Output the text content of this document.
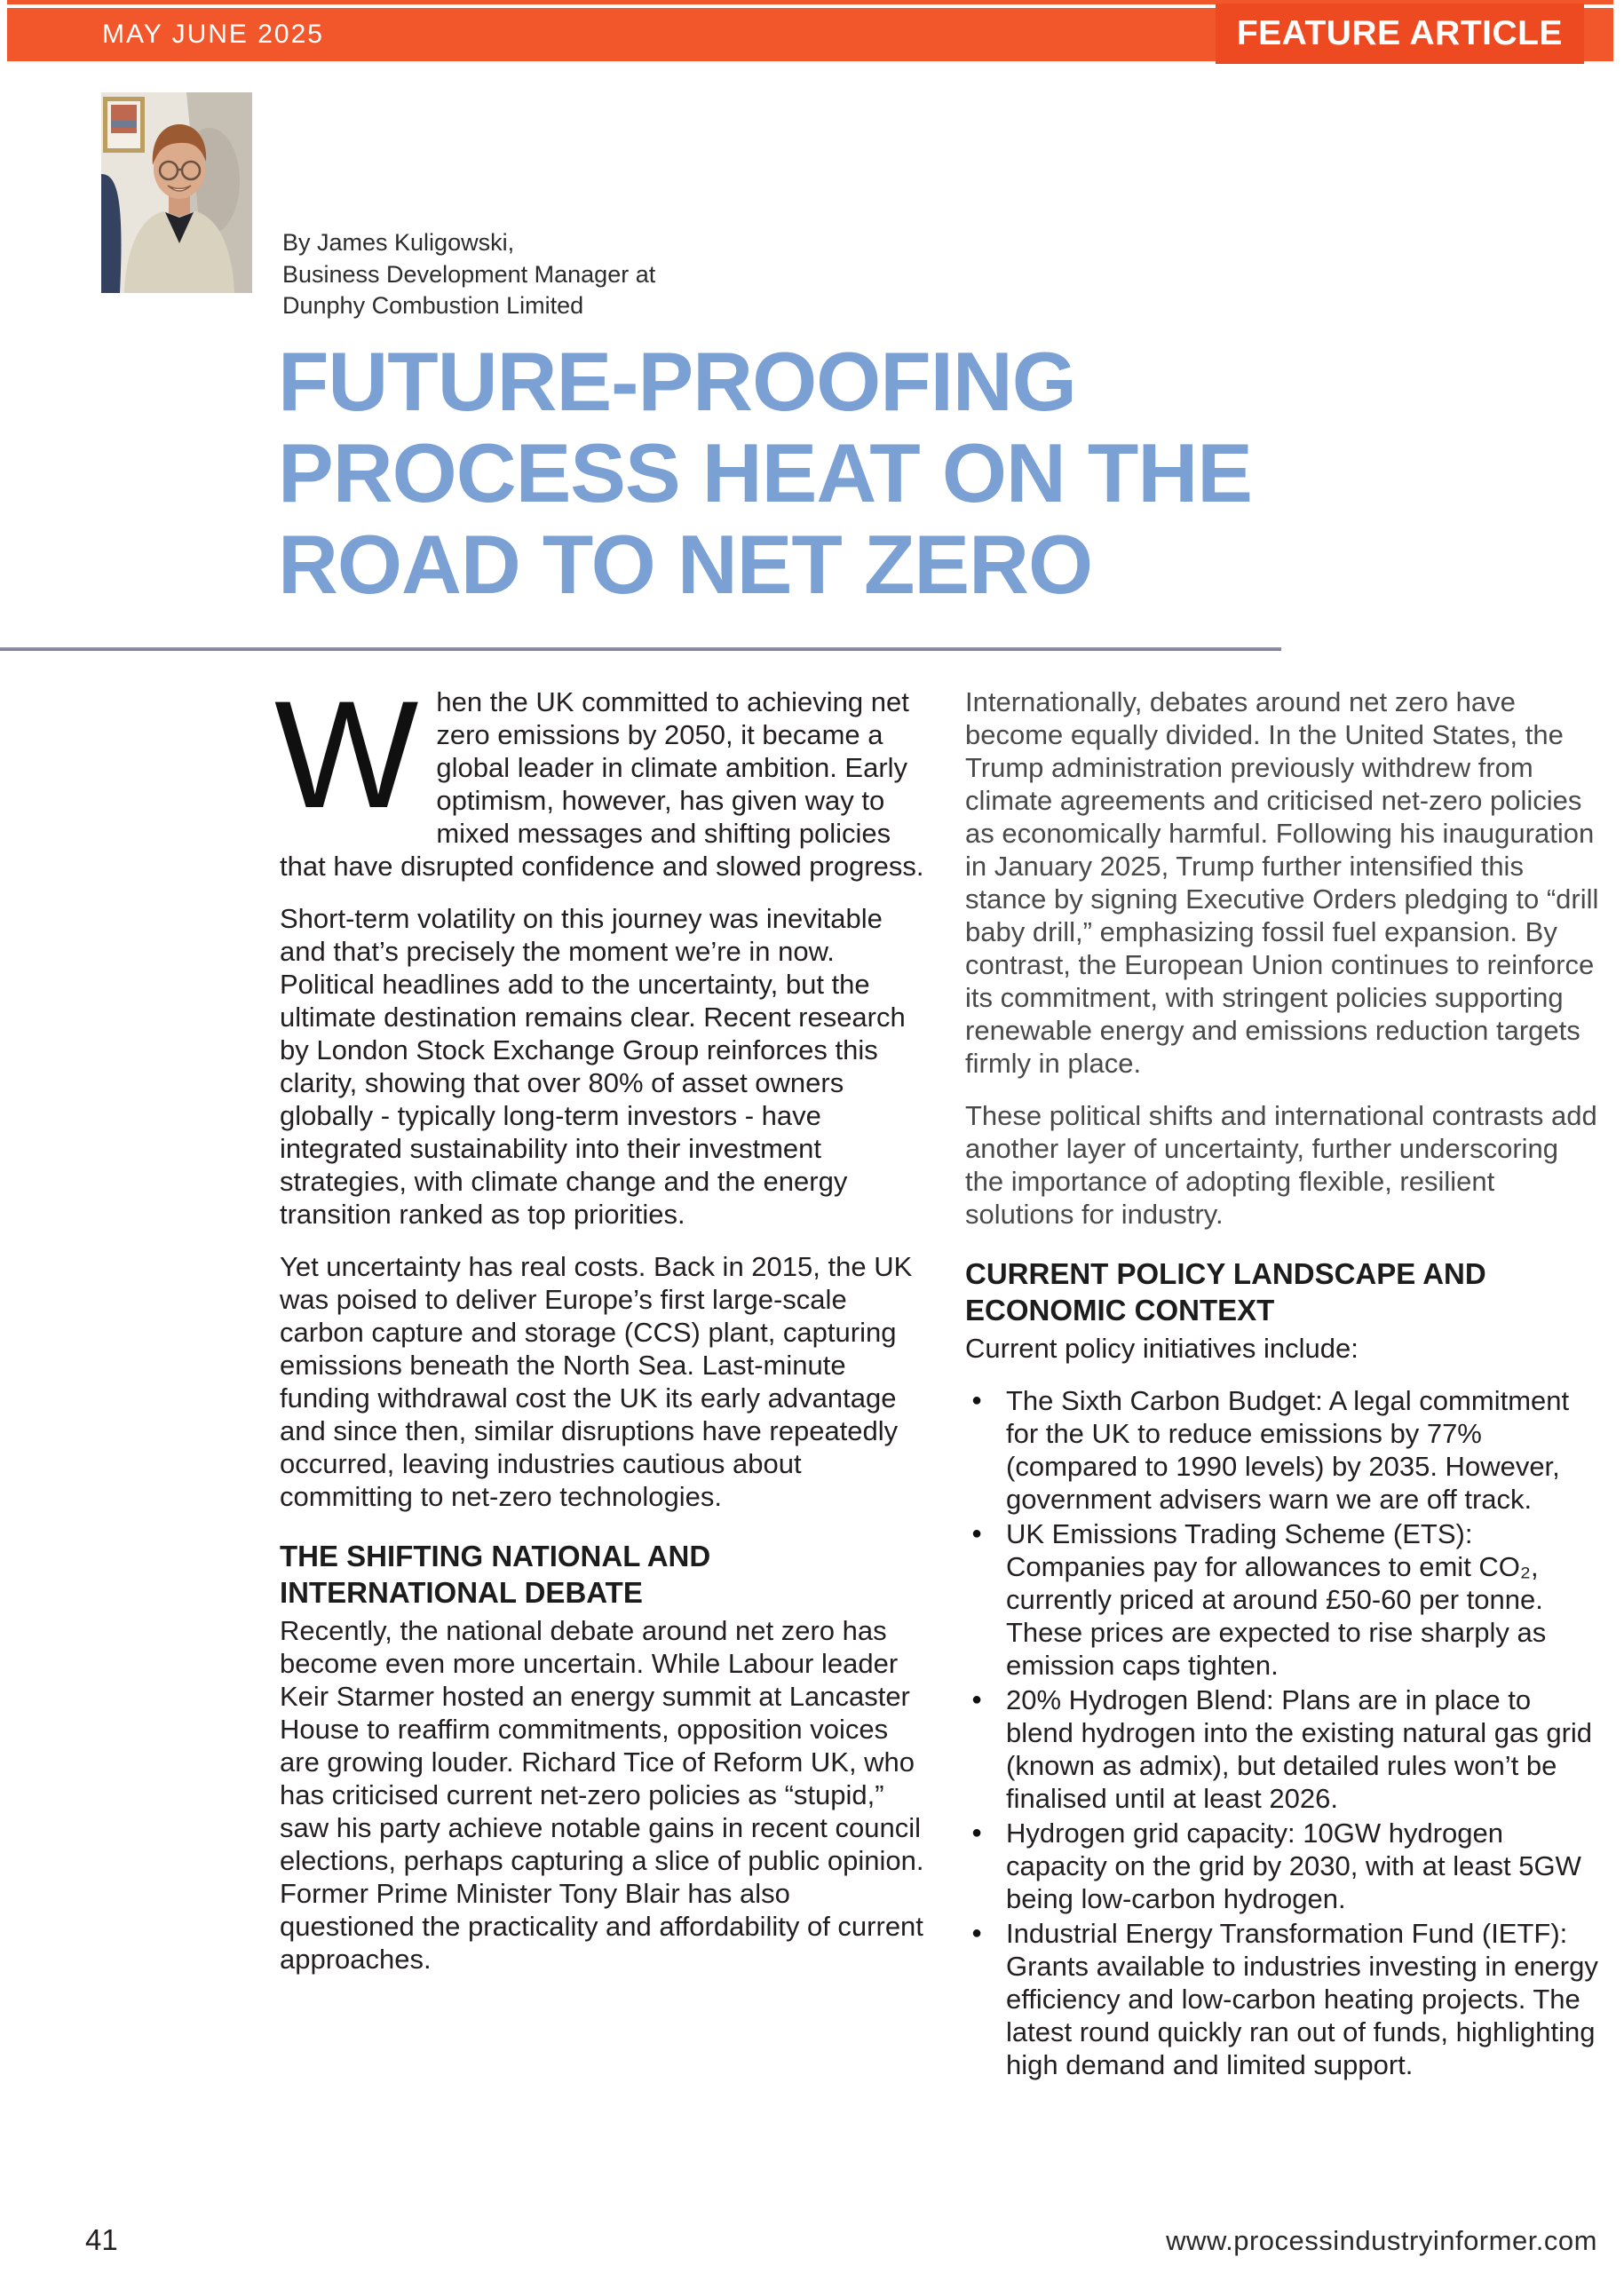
MAY JUNE 2025	FEATURE ARTICLE
By James Kuligowski,
Business Development Manager at
Dunphy Combustion Limited
FUTURE-PROOFING
PROCESS HEAT ON THE
ROAD TO NET ZERO

When the UK committed to achieving net zero emissions by 2050, it became a global leader in climate ambition. Early optimism, however, has given way to mixed messages and shifting policies that have disrupted confidence and slowed progress.

Short-term volatility on this journey was inevitable and that’s precisely the moment we’re in now. Political headlines add to the uncertainty, but the ultimate destination remains clear. Recent research by London Stock Exchange Group reinforces this clarity, showing that over 80% of asset owners globally - typically long-term investors - have integrated sustainability into their investment strategies, with climate change and the energy transition ranked as top priorities.

Yet uncertainty has real costs. Back in 2015, the UK was poised to deliver Europe’s first large-scale carbon capture and storage (CCS) plant, capturing emissions beneath the North Sea. Last-minute funding withdrawal cost the UK its early advantage and since then, similar disruptions have repeatedly occurred, leaving industries cautious about committing to net-zero technologies.

THE SHIFTING NATIONAL AND INTERNATIONAL DEBATE

Recently, the national debate around net zero has become even more uncertain. While Labour leader Keir Starmer hosted an energy summit at Lancaster House to reaffirm commitments, opposition voices are growing louder. Richard Tice of Reform UK, who has criticised current net-zero policies as “stupid,” saw his party achieve notable gains in recent council elections, perhaps capturing a slice of public opinion. Former Prime Minister Tony Blair has also questioned the practicality and affordability of current approaches.

Internationally, debates around net zero have become equally divided. In the United States, the Trump administration previously withdrew from climate agreements and criticised net-zero policies as economically harmful. Following his inauguration in January 2025, Trump further intensified this stance by signing Executive Orders pledging to “drill baby drill,” emphasizing fossil fuel expansion. By contrast, the European Union continues to reinforce its commitment, with stringent policies supporting renewable energy and emissions reduction targets firmly in place.

These political shifts and international contrasts add another layer of uncertainty, further underscoring the importance of adopting flexible, resilient solutions for industry.

CURRENT POLICY LANDSCAPE AND ECONOMIC CONTEXT

Current policy initiatives include:

● The Sixth Carbon Budget: A legal commitment for the UK to reduce emissions by 77% (compared to 1990 levels) by 2035. However, government advisers warn we are off track.
● UK Emissions Trading Scheme (ETS): Companies pay for allowances to emit CO₂, currently priced at around £50-60 per tonne. These prices are expected to rise sharply as emission caps tighten.
● 20% Hydrogen Blend: Plans are in place to blend hydrogen into the existing natural gas grid (known as admix), but detailed rules won’t be finalised until at least 2026.
● Hydrogen grid capacity: 10GW hydrogen capacity on the grid by 2030, with at least 5GW being low-carbon hydrogen.
● Industrial Energy Transformation Fund (IETF): Grants available to industries investing in energy efficiency and low-carbon heating projects. The latest round quickly ran out of funds, highlighting high demand and limited support.
41	www.processindustryinformer.com
